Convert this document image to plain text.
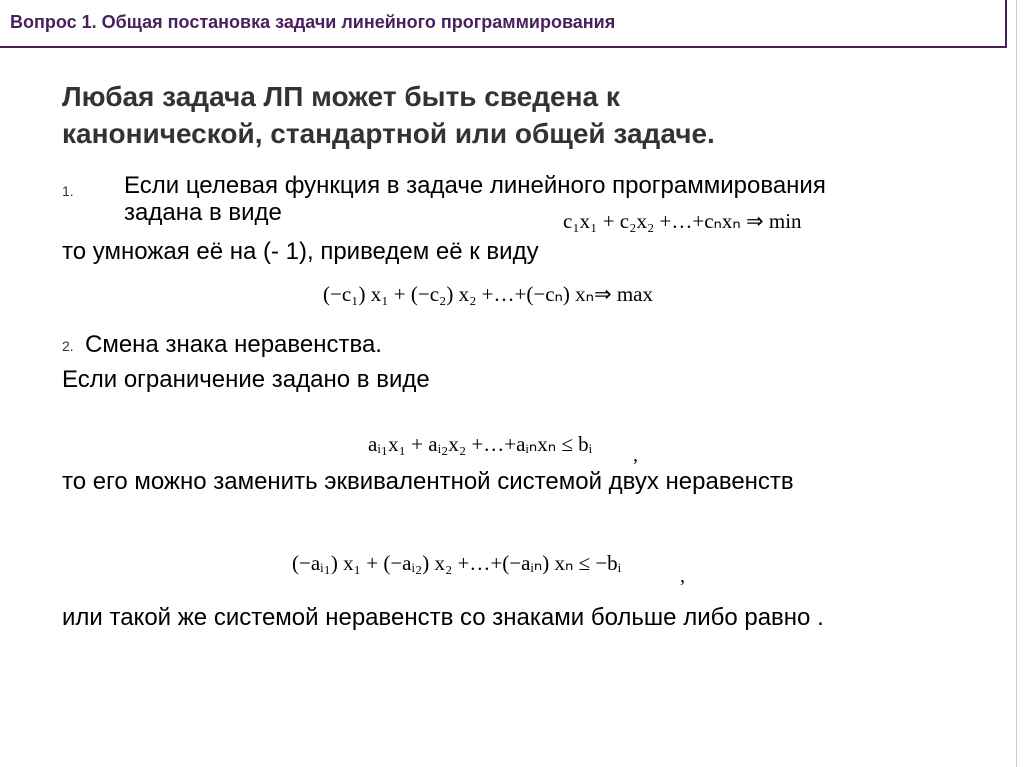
Вопрос 1. Общая постановка задачи линейного программирования
Любая задача ЛП может быть сведена к
канонической, стандартной или общей задаче.
1. Если целевая функция в задаче линейного программирования
задана в виде	c₁x₁ + c₂x₂ +…+cₙxₙ ⇒ min
то умножая её на (- 1), приведем её к виду
(−c₁) x₁ + (−c₂) x₂ +…+(−cₙ) xₙ⇒ max
2. Смена знака неравенства.
Если ограничение задано в виде
aᵢ₁x₁ + aᵢ₂x₂ +…+aᵢₙxₙ ≤ bᵢ ,
то его можно заменить эквивалентной системой двух неравенств
(−aᵢ₁) x₁ + (−aᵢ₂) x₂ +…+(−aᵢₙ) xₙ ≤ −bᵢ
,
или такой же системой неравенств со знаками больше либо равно .
